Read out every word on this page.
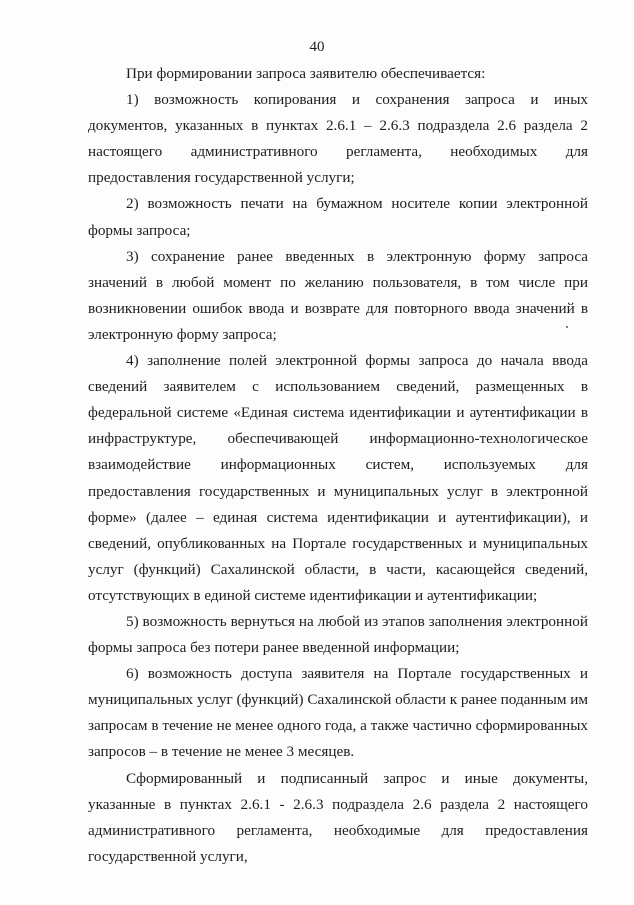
40

При формировании запроса заявителю обеспечивается:

1) возможность копирования и сохранения запроса и иных документов, указанных в пунктах 2.6.1 – 2.6.3 подраздела 2.6 раздела 2 настоящего административного регламента, необходимых для предоставления государственной услуги;

2) возможность печати на бумажном носителе копии электронной формы запроса;

3) сохранение ранее введенных в электронную форму запроса значений в любой момент по желанию пользователя, в том числе при возникновении ошибок ввода и возврате для повторного ввода значений в электронную форму запроса;

4) заполнение полей электронной формы запроса до начала ввода сведений заявителем с использованием сведений, размещенных в федеральной системе «Единая система идентификации и аутентификации в инфраструктуре, обеспечивающей информационно-технологическое взаимодействие информационных систем, используемых для предоставления государственных и муниципальных услуг в электронной форме» (далее – единая система идентификации и аутентификации), и сведений, опубликованных на Портале государственных и муниципальных услуг (функций) Сахалинской области, в части, касающейся сведений, отсутствующих в единой системе идентификации и аутентификации;

5) возможность вернуться на любой из этапов заполнения электронной формы запроса без потери ранее введенной информации;

6) возможность доступа заявителя на Портале государственных и муниципальных услуг (функций) Сахалинской области к ранее поданным им запросам в течение не менее одного года, а также частично сформированных запросов – в течение не менее 3 месяцев.

Сформированный и подписанный запрос и иные документы, указанные в пунктах 2.6.1 - 2.6.3 подраздела 2.6 раздела 2 настоящего административного регламента, необходимые для предоставления государственной услуги,
